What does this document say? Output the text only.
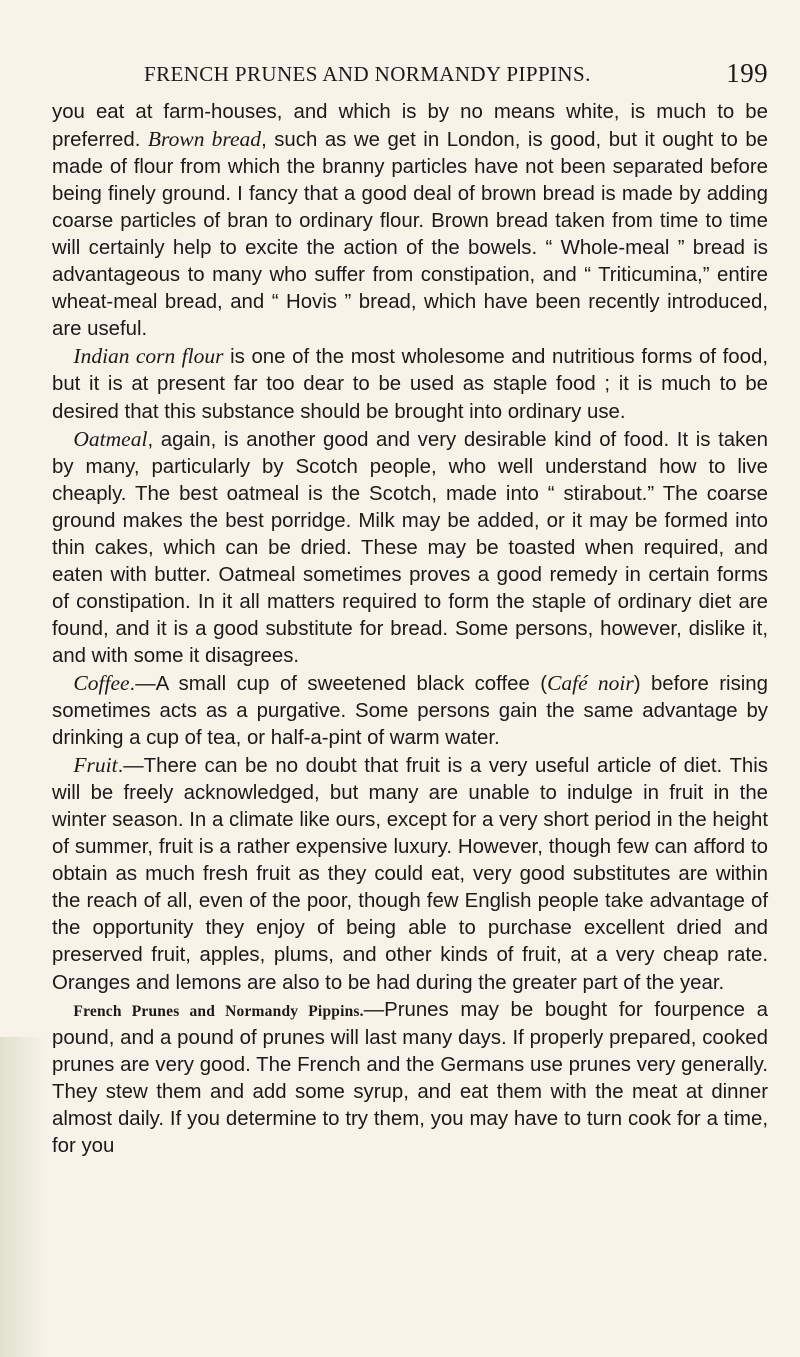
FRENCH PRUNES AND NORMANDY PIPPINS.	199

you eat at farm-houses, and which is by no means white, is much to be preferred. Brown bread, such as we get in London, is good, but it ought to be made of flour from which the branny particles have not been separated before being finely ground. I fancy that a good deal of brown bread is made by adding coarse particles of bran to ordinary flour. Brown bread taken from time to time will certainly help to excite the action of the bowels. “ Whole-meal ” bread is advantageous to many who suffer from constipation, and “ Triticumina,” entire wheat-meal bread, and “ Hovis ” bread, which have been recently introduced, are useful.

Indian corn flour is one of the most wholesome and nutritious forms of food, but it is at present far too dear to be used as staple food ; it is much to be desired that this substance should be brought into ordinary use.

Oatmeal, again, is another good and very desirable kind of food. It is taken by many, particularly by Scotch people, who well understand how to live cheaply. The best oatmeal is the Scotch, made into “ stirabout.” The coarse ground makes the best porridge. Milk may be added, or it may be formed into thin cakes, which can be dried. These may be toasted when required, and eaten with butter. Oatmeal sometimes proves a good remedy in certain forms of constipation. In it all matters required to form the staple of ordinary diet are found, and it is a good substitute for bread. Some persons, however, dislike it, and with some it disagrees.

Coffee.—A small cup of sweetened black coffee (Café noir) before rising sometimes acts as a purgative. Some persons gain the same advantage by drinking a cup of tea, or half-a-pint of warm water.

Fruit.—There can be no doubt that fruit is a very useful article of diet. This will be freely acknowledged, but many are unable to indulge in fruit in the winter season. In a climate like ours, except for a very short period in the height of summer, fruit is a rather expensive luxury. However, though few can afford to obtain as much fresh fruit as they could eat, very good substitutes are within the reach of all, even of the poor, though few English people take advantage of the opportunity they enjoy of being able to purchase excellent dried and preserved fruit, apples, plums, and other kinds of fruit, at a very cheap rate. Oranges and lemons are also to be had during the greater part of the year.

French Prunes and Normandy Pippins.—Prunes may be bought for fourpence a pound, and a pound of prunes will last many days. If properly prepared, cooked prunes are very good. The French and the Germans use prunes very generally. They stew them and add some syrup, and eat them with the meat at dinner almost daily. If you determine to try them, you may have to turn cook for a time, for you
